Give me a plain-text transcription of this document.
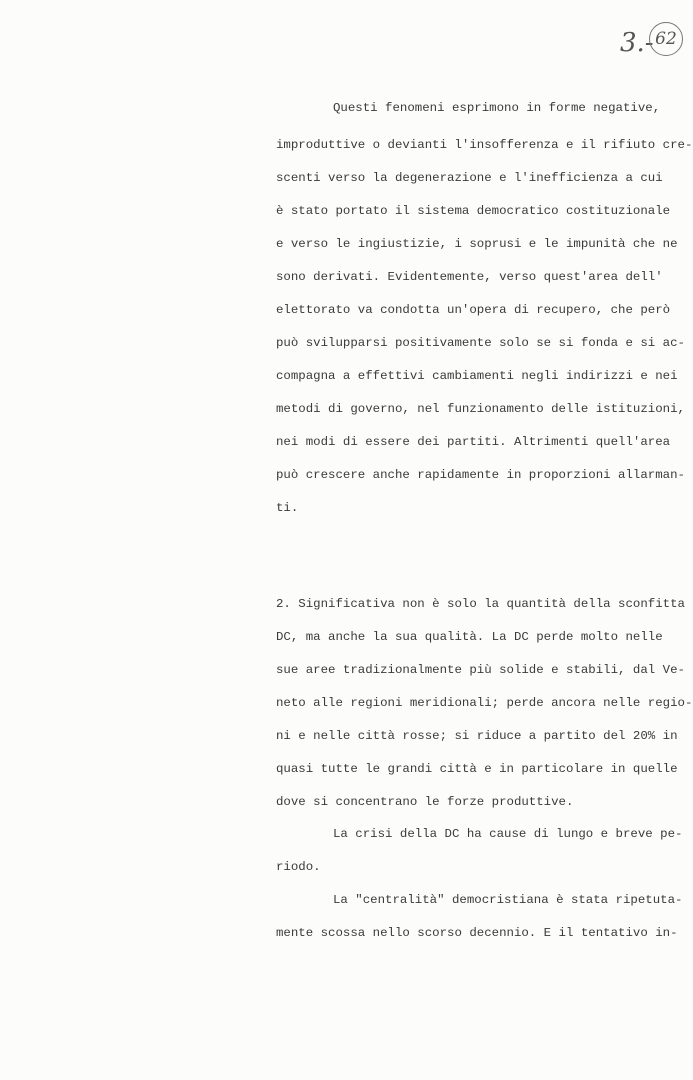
3.- 62
Questi fenomeni esprimono in forme negative,
improduttive o devianti l'insofferenza e il rifiuto cre-
scenti verso la degenerazione e l'inefficienza a cui
è stato portato il sistema democratico costituzionale
e verso le ingiustizie, i soprusi e le impunità che ne
sono derivati. Evidentemente, verso quest'area dell'
elettorato va condotta un'opera di recupero, che però
può svilupparsi positivamente solo se si fonda e si ac-
compagna a effettivi cambiamenti negli indirizzi e nei
metodi di governo, nel funzionamento delle istituzioni,
nei modi di essere dei partiti. Altrimenti quell'area
può crescere anche rapidamente in proporzioni allarman-
ti.
2. Significativa non è solo la quantità della sconfitta
DC, ma anche la sua qualità. La DC perde molto nelle
sue aree tradizionalmente più solide e stabili, dal Ve-
neto alle regioni meridionali; perde ancora nelle regio-
ni e nelle città rosse; si riduce a partito del 20% in
quasi tutte le grandi città e in particolare in quelle
dove si concentrano le forze produttive.
La crisi della DC ha cause di lungo e breve pe-
riodo.
La "centralità" democristiana è stata ripetuta-
mente scossa nello scorso decennio. E il tentativo in-
